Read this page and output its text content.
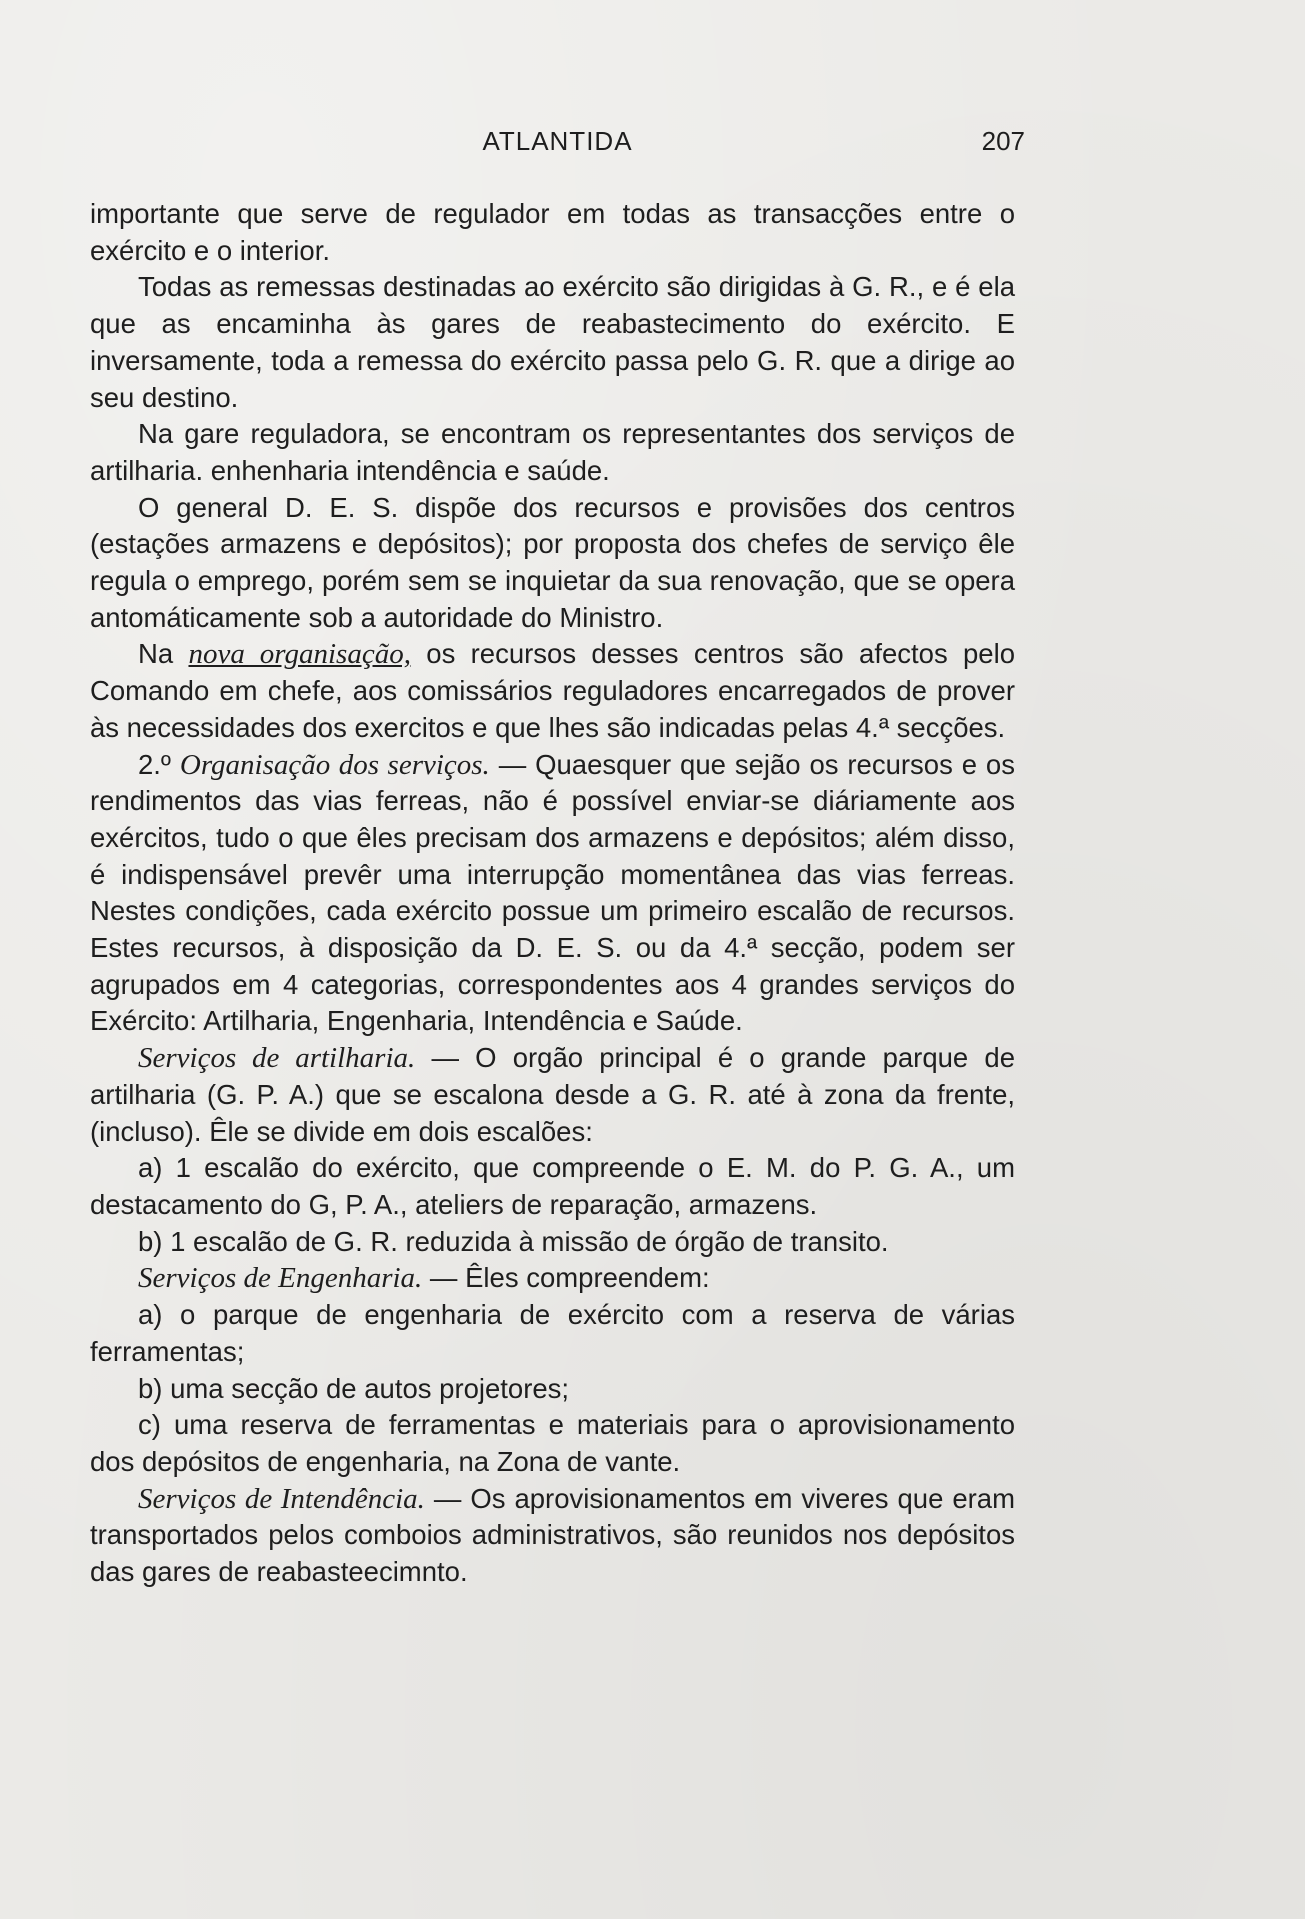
ATLANTIDA	207

importante que serve de regulador em todas as transacções entre o exército e o interior.

Todas as remessas destinadas ao exército são dirigidas à G. R., e é ela que as encaminha às gares de reabastecimento do exército. E inversamente, toda a remessa do exército passa pelo G. R. que a dirige ao seu destino.

Na gare reguladora, se encontram os representantes dos serviços de artilharia. enhenharia intendência e saúde.

O general D. E. S. dispõe dos recursos e provisões dos centros (estações armazens e depósitos); por proposta dos chefes de serviço êle regula o emprego, porém sem se inquietar da sua renovação, que se opera antomáticamente sob a autoridade do Ministro.

Na nova organisação, os recursos desses centros são afectos pelo Comando em chefe, aos comissários reguladores encarregados de prover às necessidades dos exercitos e que lhes são indicadas pelas 4.ª secções.

2.º Organisação dos serviços. — Quaesquer que sejão os recursos e os rendimentos das vias ferreas, não é possível enviar-se diáriamente aos exércitos, tudo o que êles precisam dos armazens e depósitos; além disso, é indispensável prevêr uma interrupção momentânea das vias ferreas. Nestes condições, cada exército possue um primeiro escalão de recursos. Estes recursos, à disposição da D. E. S. ou da 4.ª secção, podem ser agrupados em 4 categorias, correspondentes aos 4 grandes serviços do Exército: Artilharia, Engenharia, Intendência e Saúde.

Serviços de artilharia. — O orgão principal é o grande parque de artilharia (G. P. A.) que se escalona desde a G. R. até à zona da frente, (incluso). Êle se divide em dois escalões:

a) 1 escalão do exército, que compreende o E. M. do P. G. A., um destacamento do G, P. A., ateliers de reparação, armazens.

b) 1 escalão de G. R. reduzida à missão de órgão de transito.

Serviços de Engenharia. — Êles compreendem:

a) o parque de engenharia de exército com a reserva de várias ferramentas;

b) uma secção de autos projetores;

c) uma reserva de ferramentas e materiais para o aprovisionamento dos depósitos de engenharia, na Zona de vante.

Serviços de Intendência. — Os aprovisionamentos em viveres que eram transportados pelos comboios administrativos, são reunidos nos depósitos das gares de reabasteecimnto.
